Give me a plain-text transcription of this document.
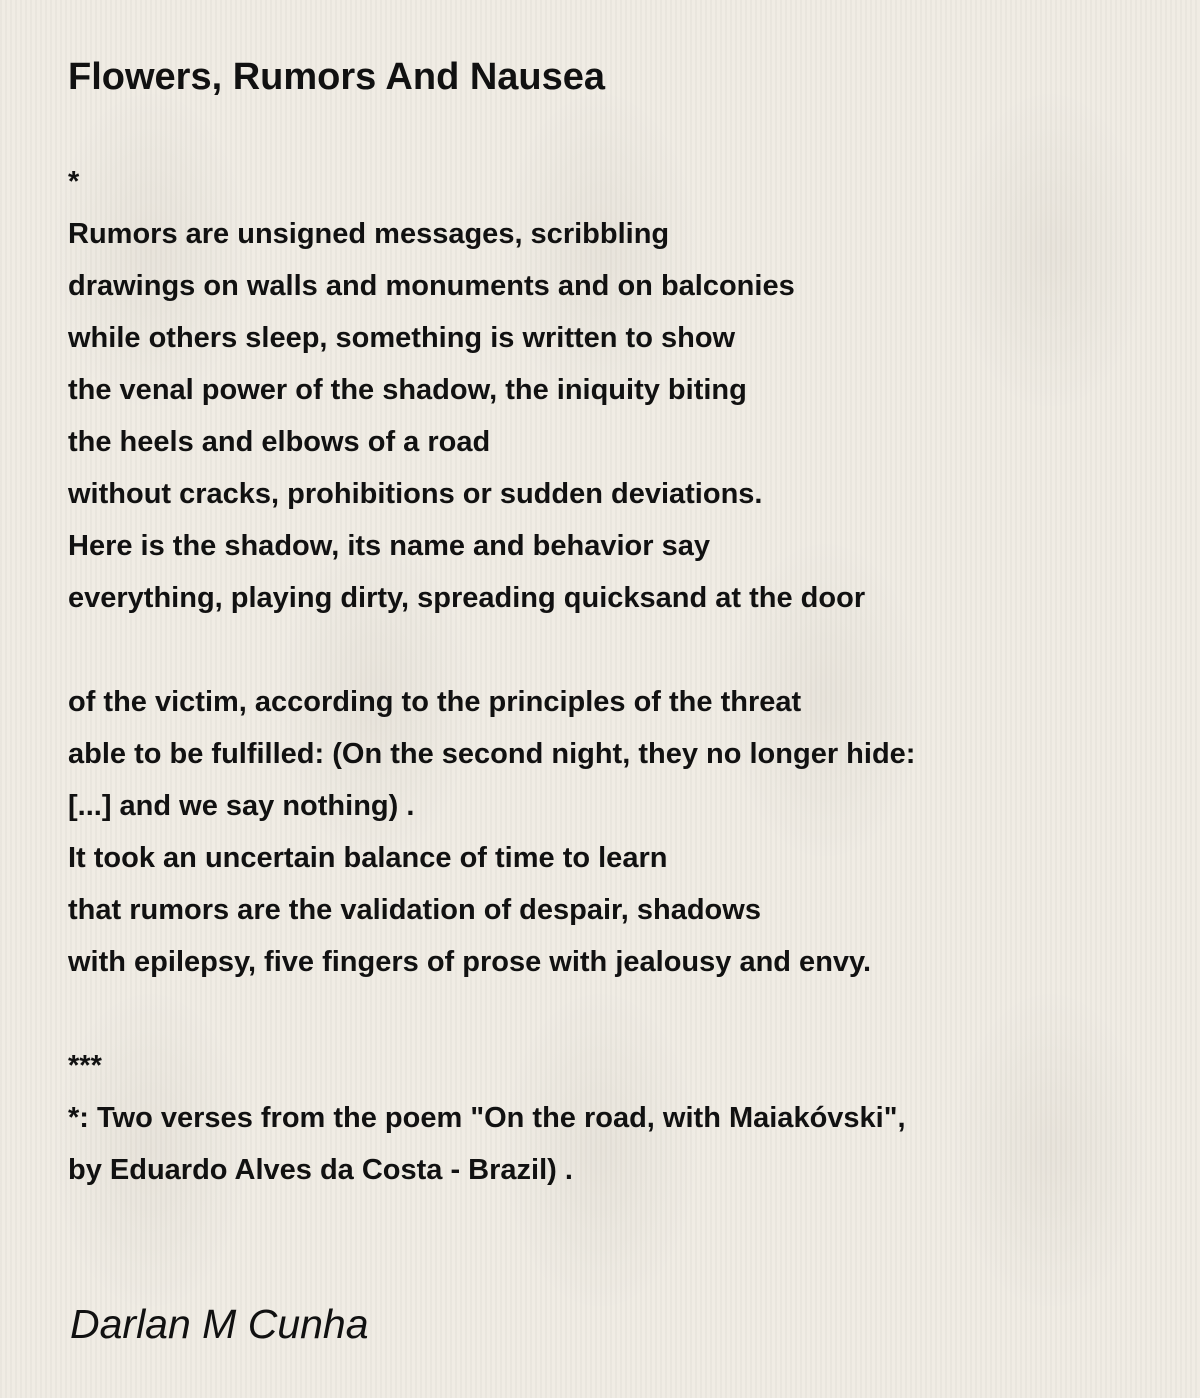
Flowers, Rumors And Nausea
*
Rumors are unsigned messages, scribbling
drawings on walls and monuments and on balconies
while others sleep, something is written to show
the venal power of the shadow, the iniquity biting
the heels and elbows of a road
without cracks, prohibitions or sudden deviations.
Here is the shadow, its name and behavior say
everything, playing dirty, spreading quicksand at the door
of the victim, according to the principles of the threat
able to be fulfilled: (On the second night, they no longer hide:
[...] and we say nothing) .
It took an uncertain balance of time to learn
that rumors are the validation of despair, shadows
with epilepsy, five fingers of prose with jealousy and envy.
***
*: Two verses from the poem "On the road, with Maiakóvski",
by Eduardo Alves da Costa - Brazil) .
Darlan M Cunha
